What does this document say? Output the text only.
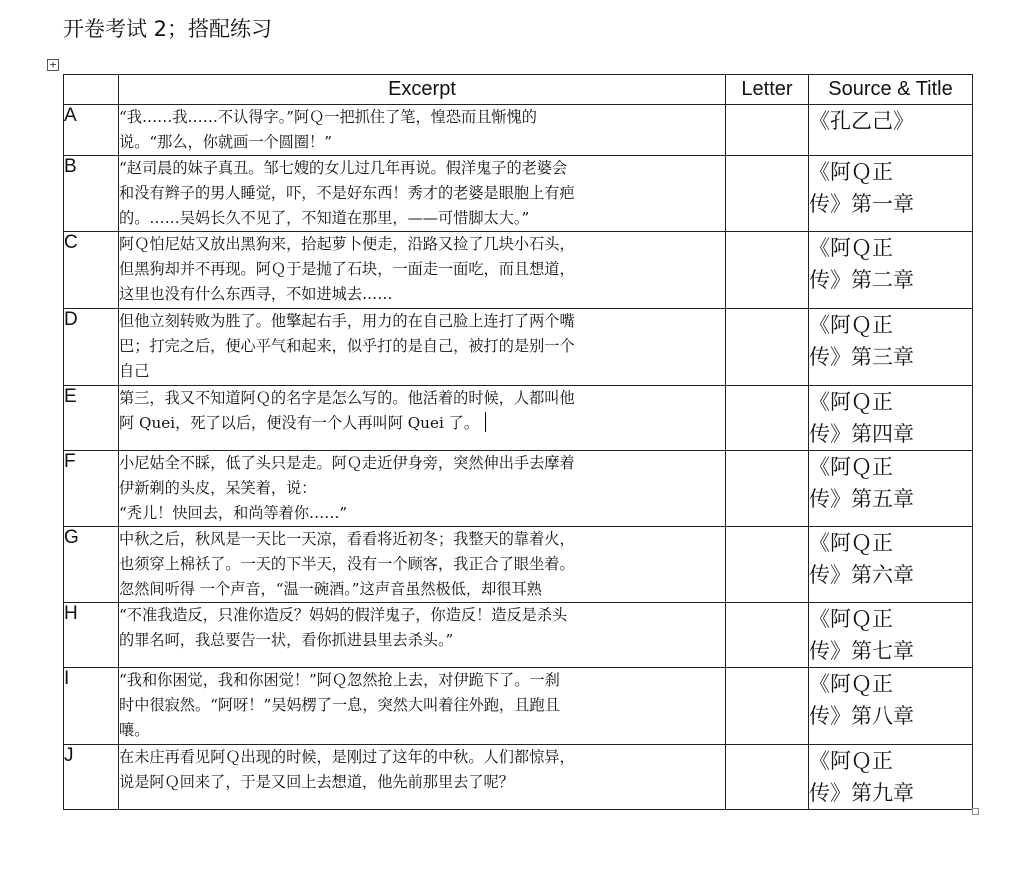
开卷考试 2；搭配练习
+
	Excerpt	Letter	Source & Title
A	“我……我……不认得字。”阿Ｑ一把抓住了笔，惶恐而且惭愧的
说。“那么，你就画一个圆圈！”		《孔乙己》
B	“赵司晨的妹子真丑。邹七嫂的女儿过几年再说。假洋鬼子的老婆会
和没有辫子的男人睡觉，吓，不是好东西！秀才的老婆是眼胞上有疤
的。……吴妈长久不见了，不知道在那里，——可惜脚太大。”		《阿Ｑ正
传》第一章
C	阿Ｑ怕尼姑又放出黑狗来，拾起萝卜便走，沿路又捡了几块小石头，
但黑狗却并不再现。阿Ｑ于是抛了石块，一面走一面吃，而且想道，
这里也没有什么东西寻，不如进城去……		《阿Ｑ正
传》第二章
D	但他立刻转败为胜了。他擎起右手，用力的在自己脸上连打了两个嘴
巴；打完之后，便心平气和起来，似乎打的是自己，被打的是别一个
自己		《阿Ｑ正
传》第三章
E	第三，我又不知道阿Ｑ的名字是怎么写的。他活着的时候，人都叫他
阿 Quei，死了以后，便没有一个人再叫阿 Quei 了。		《阿Ｑ正
传》第四章
F	小尼姑全不睬，低了头只是走。阿Ｑ走近伊身旁，突然伸出手去摩着
伊新剃的头皮，呆笑着，说：
“秃儿！快回去，和尚等着你……”		《阿Ｑ正
传》第五章
G	中秋之后，秋风是一天比一天凉，看看将近初冬；我整天的靠着火，
也须穿上棉袄了。一天的下半天，没有一个顾客，我正合了眼坐着。
忽然间听得 一个声音，“温一碗酒。”这声音虽然极低，却很耳熟		《阿Ｑ正
传》第六章
H	“不准我造反，只准你造反？妈妈的假洋鬼子，你造反！造反是杀头
的罪名呵，我总要告一状，看你抓进县里去杀头。”		《阿Ｑ正
传》第七章
I	“我和你困觉，我和你困觉！”阿Ｑ忽然抢上去，对伊跪下了。一刹
时中很寂然。“阿呀！”吴妈楞了一息，突然大叫着往外跑，且跑且
嚷。		《阿Ｑ正
传》第八章
J	在未庄再看见阿Ｑ出现的时候，是刚过了这年的中秋。人们都惊异，
说是阿Ｑ回来了，于是又回上去想道，他先前那里去了呢？		《阿Ｑ正
传》第九章
